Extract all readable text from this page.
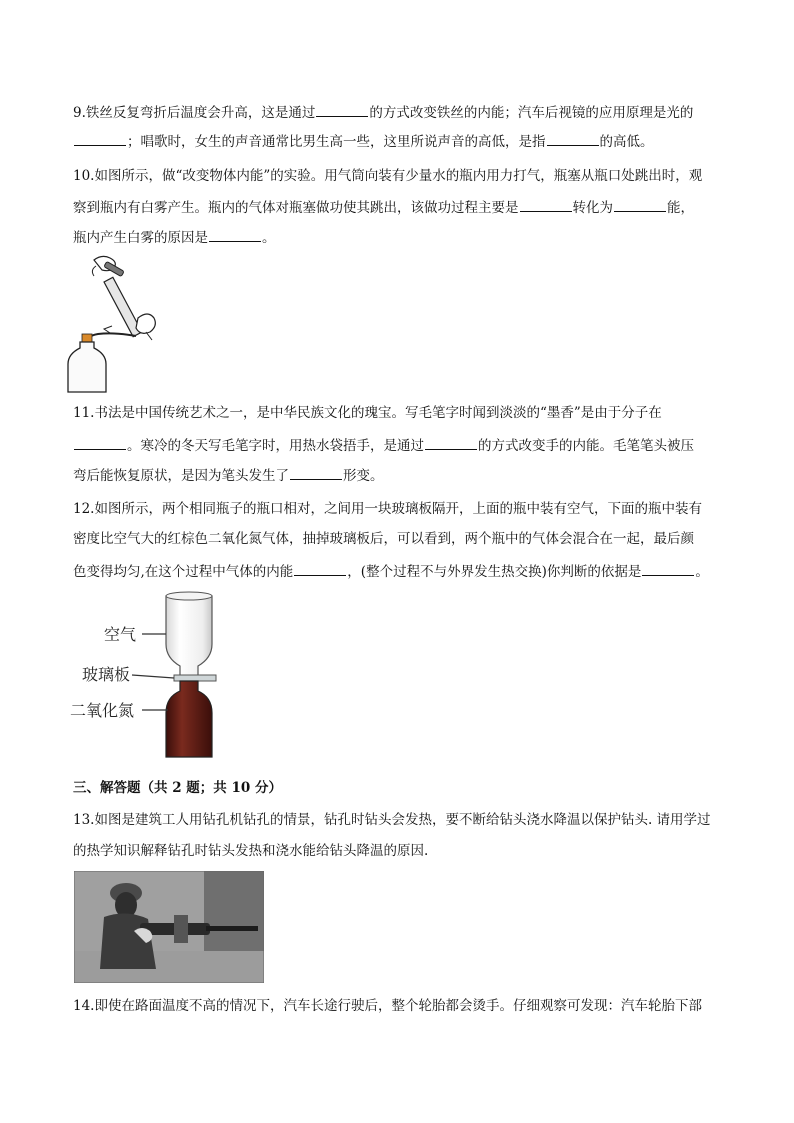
9.铁丝反复弯折后温度会升高，这是通过	的方式改变铁丝的内能；汽车后视镜的应用原理是光的
；唱歌时，女生的声音通常比男生高一些，这里所说声音的高低，是指	的高低。
10.如图所示，做“改变物体内能”的实验。用气筒向装有少量水的瓶内用力打气，瓶塞从瓶口处跳出时，观
察到瓶内有白雾产生。瓶内的气体对瓶塞做功使其跳出，该做功过程主要是	转化为	能，
瓶内产生白雾的原因是	。
11.书法是中国传统艺术之一，是中华民族文化的瑰宝。写毛笔字时闻到淡淡的“墨香”是由于分子在
。寒冷的冬天写毛笔字时，用热水袋捂手，是通过	的方式改变手的内能。毛笔笔头被压
弯后能恢复原状，是因为笔头发生了	形变。
12.如图所示，两个相同瓶子的瓶口相对，之间用一块玻璃板隔开，上面的瓶中装有空气，下面的瓶中装有
密度比空气大的红棕色二氧化氮气体，抽掉玻璃板后，可以看到，两个瓶中的气体会混合在一起，最后颜
色变得均匀,在这个过程中气体的内能	，(整个过程不与外界发生热交换)你判断的依据是	。
空气
玻璃板
二氧化氮
三、解答题（共 2 题；共 10 分）
13.如图是建筑工人用钻孔机钻孔的情景，钻孔时钻头会发热，要不断给钻头浇水降温以保护钻头. 请用学过
的热学知识解释钻孔时钻头发热和浇水能给钻头降温的原因.
14.即使在路面温度不高的情况下，汽车长途行驶后，整个轮胎都会烫手。仔细观察可发现：汽车轮胎下部
